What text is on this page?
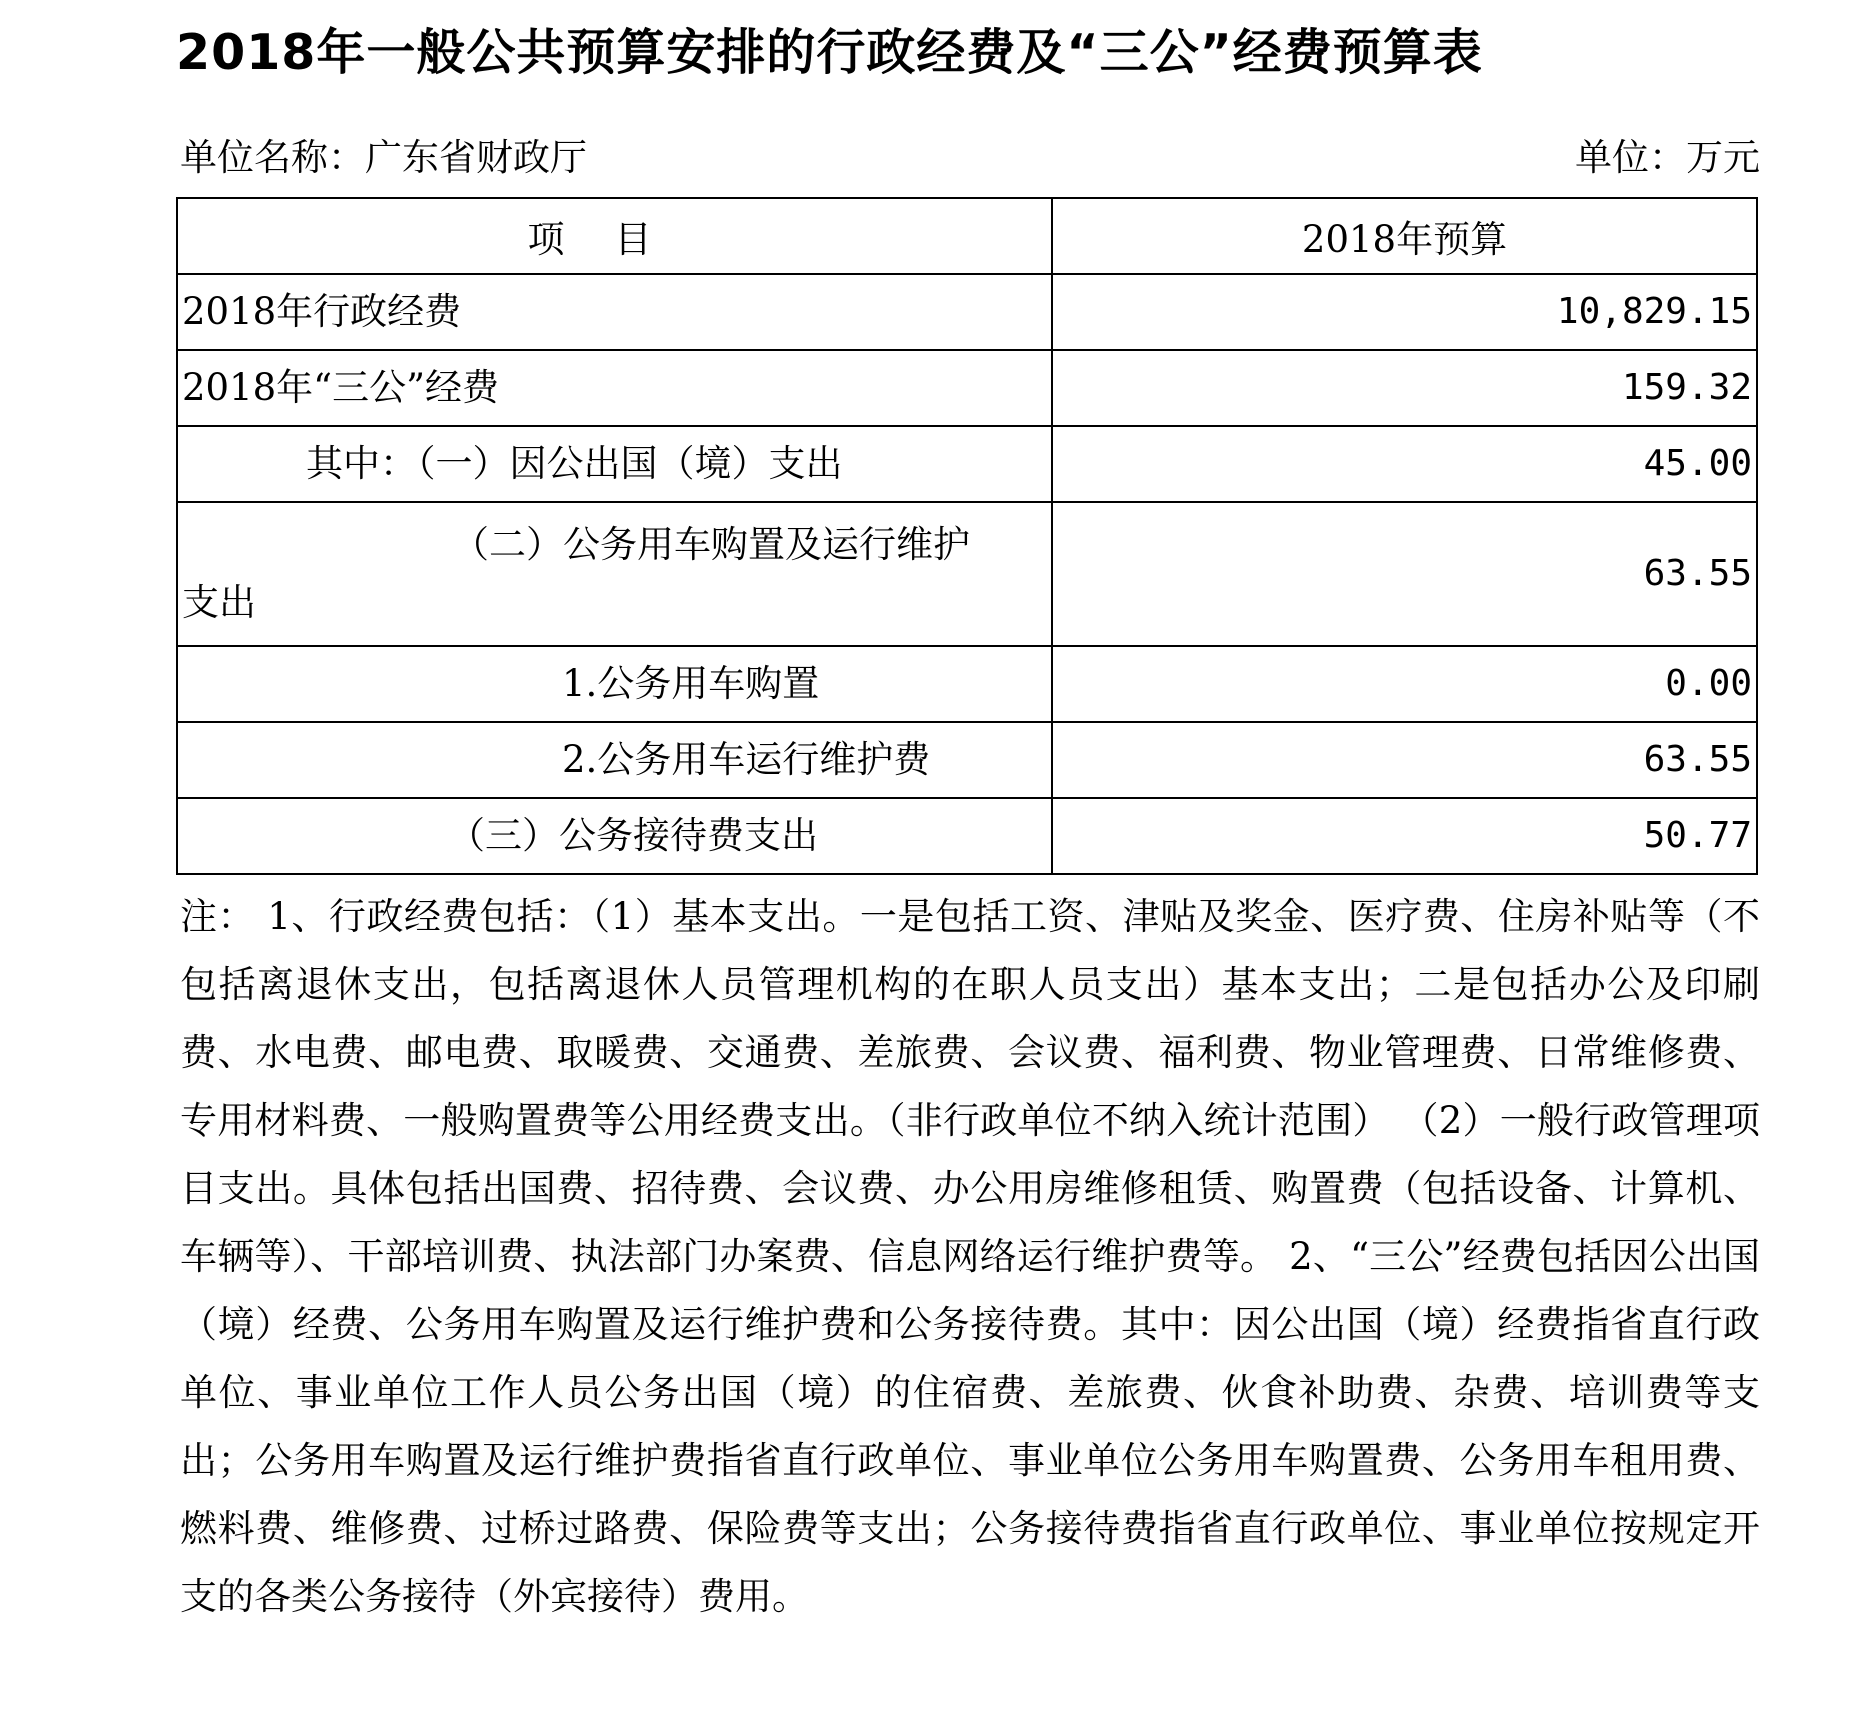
2018年一般公共预算安排的行政经费及“三公”经费预算表
单位名称：广东省财政厅	单位：万元
项目	2018年预算
2018年行政经费	10,829.15
2018年“三公”经费	159.32
其中：（一）因公出国（境）支出	45.00
（二）公务用车购置及运行维护
支出	63.55
1.公务用车购置	0.00
2.公务用车运行维护费	63.55
（三）公务接待费支出	50.77
注： 1、行政经费包括：（1）基本支出。一是包括工资、津贴及奖金、医疗费、住房补贴等（不包括离退休支出，包括离退休人员管理机构的在职人员支出）基本支出；二是包括办公及印刷费、水电费、邮电费、取暖费、交通费、差旅费、会议费、福利费、物业管理费、日常维修费、专用材料费、一般购置费等公用经费支出。（非行政单位不纳入统计范围） （2）一般行政管理项目支出。具体包括出国费、招待费、会议费、办公用房维修租赁、购置费（包括设备、计算机、车辆等）、干部培训费、执法部门办案费、信息网络运行维护费等。 2、“三公”经费包括因公出国（境）经费、公务用车购置及运行维护费和公务接待费。其中：因公出国（境）经费指省直行政单位、事业单位工作人员公务出国（境）的住宿费、差旅费、伙食补助费、杂费、培训费等支出；公务用车购置及运行维护费指省直行政单位、事业单位公务用车购置费、公务用车租用费、燃料费、维修费、过桥过路费、保险费等支出；公务接待费指省直行政单位、事业单位按规定开支的各类公务接待（外宾接待）费用。
